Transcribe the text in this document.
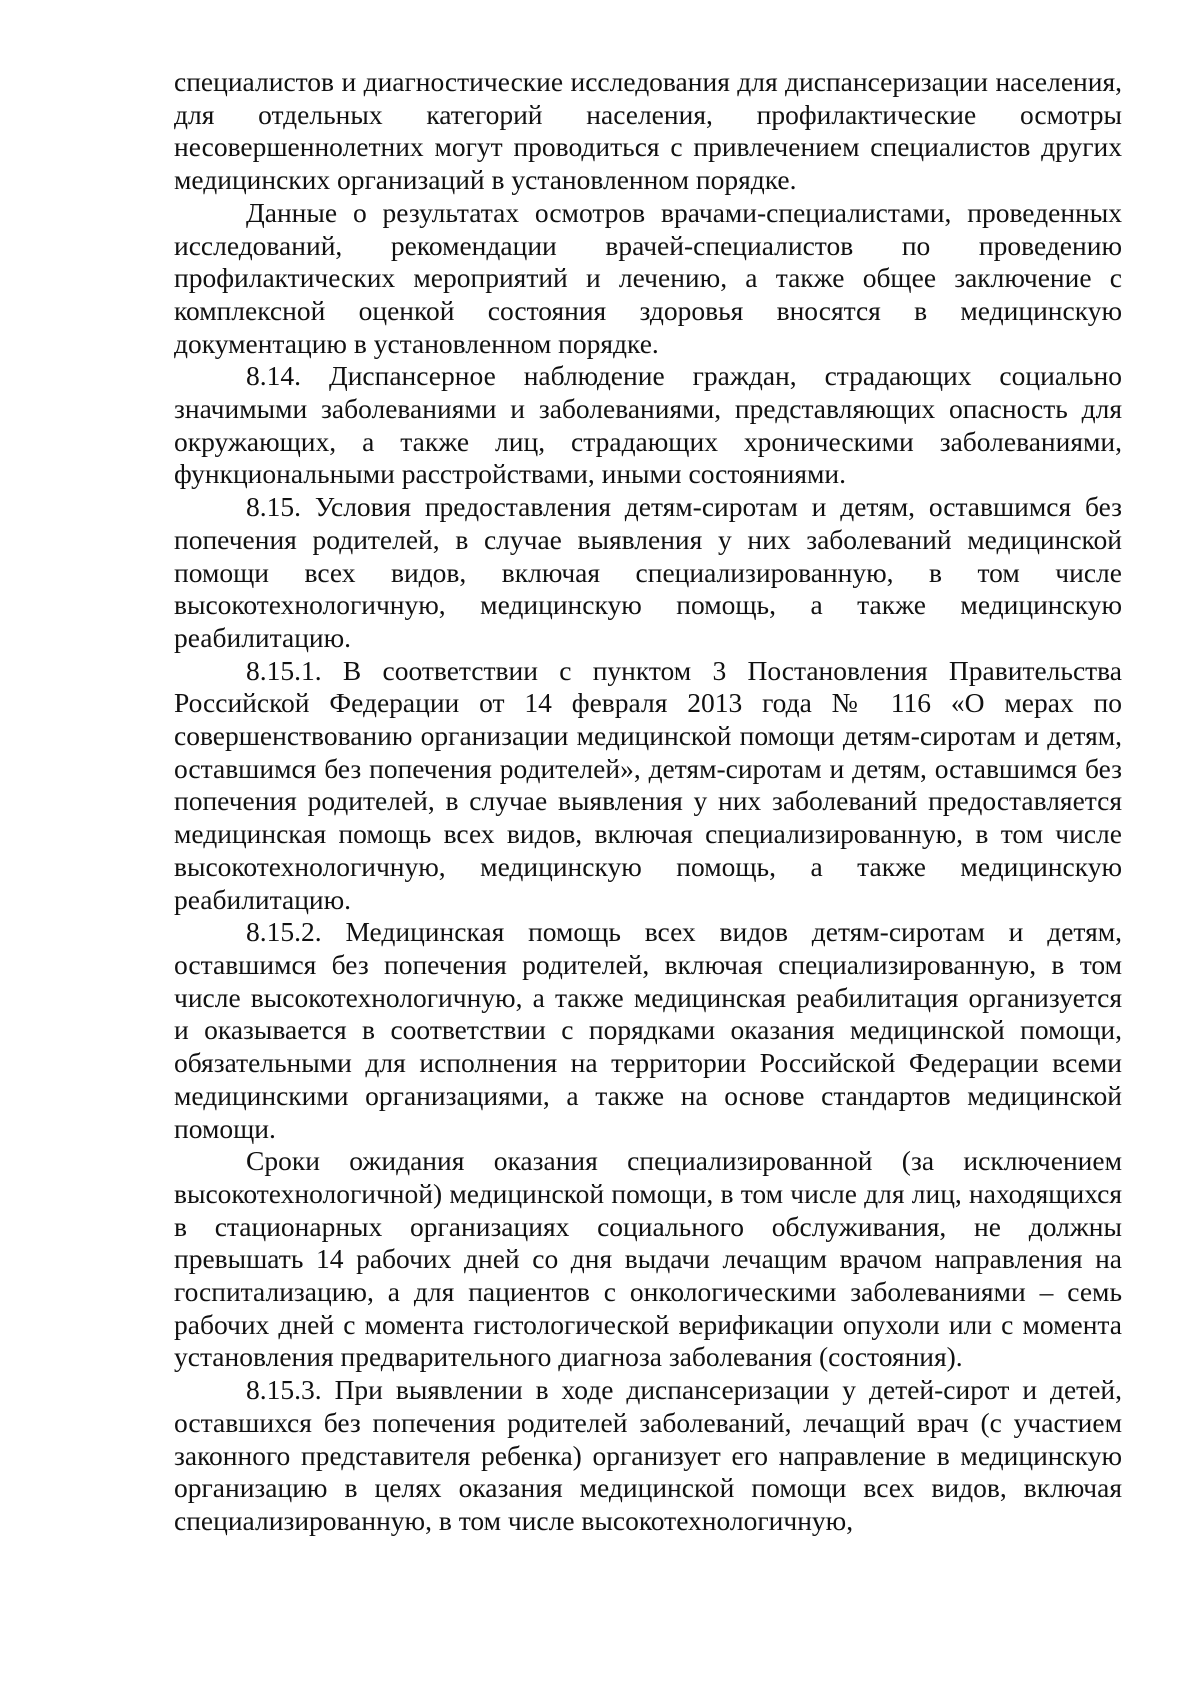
специалистов и диагностические исследования для диспансеризации населения, для отдельных категорий населения, профилактические осмотры несовершеннолетних могут проводиться с привлечением специалистов других медицинских организаций в установленном порядке.

Данные о результатах осмотров врачами-специалистами, проведенных исследований, рекомендации врачей-специалистов по проведению профилактических мероприятий и лечению, а также общее заключение с комплексной оценкой состояния здоровья вносятся в медицинскую документацию в установленном порядке.

8.14. Диспансерное наблюдение граждан, страдающих социально значимыми заболеваниями и заболеваниями, представляющих опасность для окружающих, а также лиц, страдающих хроническими заболеваниями, функциональными расстройствами, иными состояниями.

8.15. Условия предоставления детям-сиротам и детям, оставшимся без попечения родителей, в случае выявления у них заболеваний медицинской помощи всех видов, включая специализированную, в том числе высокотехнологичную, медицинскую помощь, а также медицинскую реабилитацию.

8.15.1. В соответствии с пунктом 3 Постановления Правительства Российской Федерации от 14 февраля 2013 года № 116 «О мерах по совершенствованию организации медицинской помощи детям-сиротам и детям, оставшимся без попечения родителей», детям-сиротам и детям, оставшимся без попечения родителей, в случае выявления у них заболеваний предоставляется медицинская помощь всех видов, включая специализированную, в том числе высокотехнологичную, медицинскую помощь, а также медицинскую реабилитацию.

8.15.2. Медицинская помощь всех видов детям-сиротам и детям, оставшимся без попечения родителей, включая специализированную, в том числе высокотехнологичную, а также медицинская реабилитация организуется и оказывается в соответствии с порядками оказания медицинской помощи, обязательными для исполнения на территории Российской Федерации всеми медицинскими организациями, а также на основе стандартов медицинской помощи.

Сроки ожидания оказания специализированной (за исключением высокотехнологичной) медицинской помощи, в том числе для лиц, находящихся в стационарных организациях социального обслуживания, не должны превышать 14 рабочих дней со дня выдачи лечащим врачом направления на госпитализацию, а для пациентов с онкологическими заболеваниями – семь рабочих дней с момента гистологической верификации опухоли или с момента установления предварительного диагноза заболевания (состояния).

8.15.3. При выявлении в ходе диспансеризации у детей-сирот и детей, оставшихся без попечения родителей заболеваний, лечащий врач (с участием законного представителя ребенка) организует его направление в медицинскую организацию в целях оказания медицинской помощи всех видов, включая специализированную, в том числе высокотехнологичную,
